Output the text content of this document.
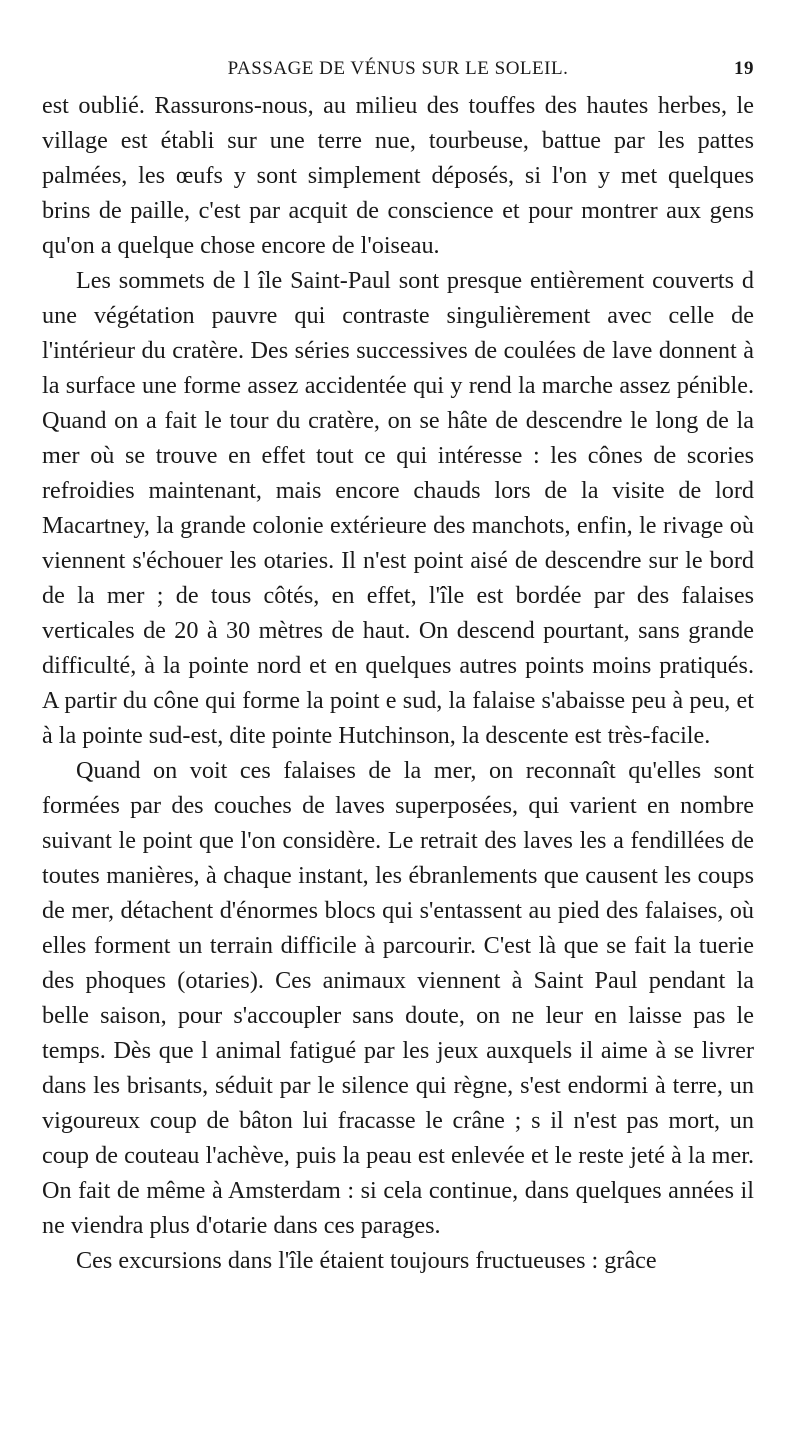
PASSAGE DE VÉNUS SUR LE SOLEIL.	19

est oublié. Rassurons-nous, au milieu des touffes des hautes herbes, le village est établi sur une terre nue, tourbeuse, battue par les pattes palmées, les œufs y sont simplement déposés, si l'on y met quelques brins de paille, c'est par acquit de conscience et pour montrer aux gens qu'on a quelque chose encore de l'oiseau.

Les sommets de l île Saint-Paul sont presque entièrement couverts d une végétation pauvre qui contraste singulièrement avec celle de l'intérieur du cratère. Des séries successives de coulées de lave donnent à la surface une forme assez accidentée qui y rend la marche assez pénible. Quand on a fait le tour du cratère, on se hâte de descendre le long de la mer où se trouve en effet tout ce qui intéresse : les cônes de scories refroidies maintenant, mais encore chauds lors de la visite de lord Macartney, la grande colonie extérieure des manchots, enfin, le rivage où viennent s'échouer les otaries. Il n'est point aisé de descendre sur le bord de la mer ; de tous côtés, en effet, l'île est bordée par des falaises verticales de 20 à 30 mètres de haut. On descend pourtant, sans grande difficulté, à la pointe nord et en quelques autres points moins pratiqués. A partir du cône qui forme la point e sud, la falaise s'abaisse peu à peu, et à la pointe sud-est, dite pointe Hutchinson, la descente est très-facile.

Quand on voit ces falaises de la mer, on reconnaît qu'elles sont formées par des couches de laves superposées, qui varient en nombre suivant le point que l'on considère. Le retrait des laves les a fendillées de toutes manières, à chaque instant, les ébranlements que causent les coups de mer, détachent d'énormes blocs qui s'entassent au pied des falaises, où elles forment un terrain difficile à parcourir. C'est là que se fait la tuerie des phoques (otaries). Ces animaux viennent à Saint Paul pendant la belle saison, pour s'accoupler sans doute, on ne leur en laisse pas le temps. Dès que l animal fatigué par les jeux auxquels il aime à se livrer dans les brisants, séduit par le silence qui règne, s'est endormi à terre, un vigoureux coup de bâton lui fracasse le crâne ; s il n'est pas mort, un coup de couteau l'achève, puis la peau est enlevée et le reste jeté à la mer. On fait de même à Amsterdam : si cela continue, dans quelques années il ne viendra plus d'otarie dans ces parages.

Ces excursions dans l'île étaient toujours fructueuses : grâce
